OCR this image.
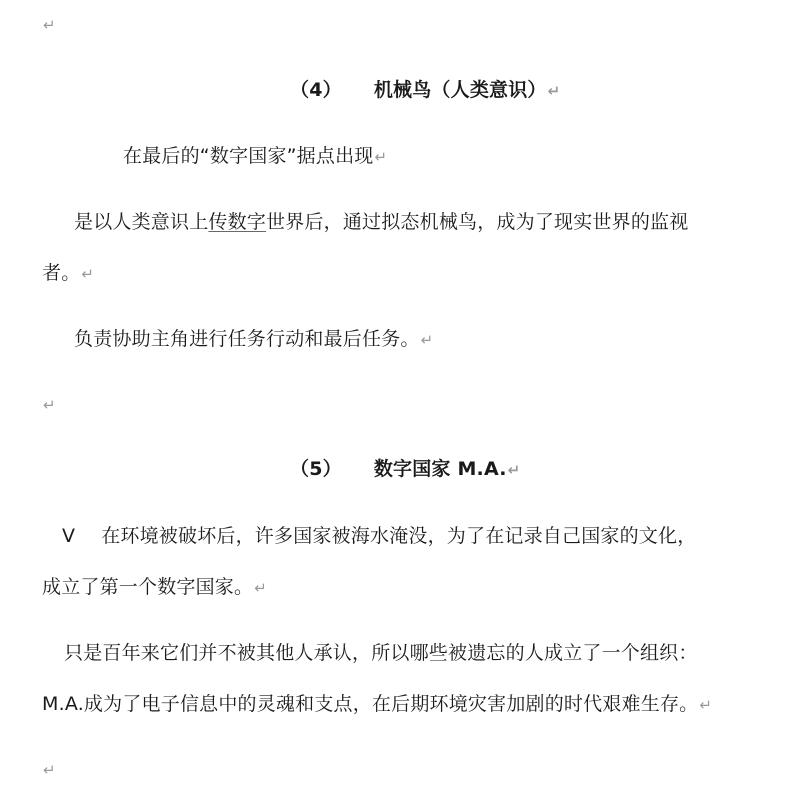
↵
（4） 机械鸟（人类意识）↵
在最后的“数字国家”据点出现↵
是以人类意识上传数字世界后，通过拟态机械鸟，成为了现实世界的监视
者。↵
负责协助主角进行任务行动和最后任务。↵
↵
（5） 数字国家 M.A.↵
V 在环境被破坏后，许多国家被海水淹没，为了在记录自己国家的文化，
成立了第一个数字国家。↵
只是百年来它们并不被其他人承认，所以哪些被遗忘的人成立了一个组织：
M.A.成为了电子信息中的灵魂和支点，在后期环境灾害加剧的时代艰难生存。↵
↵
